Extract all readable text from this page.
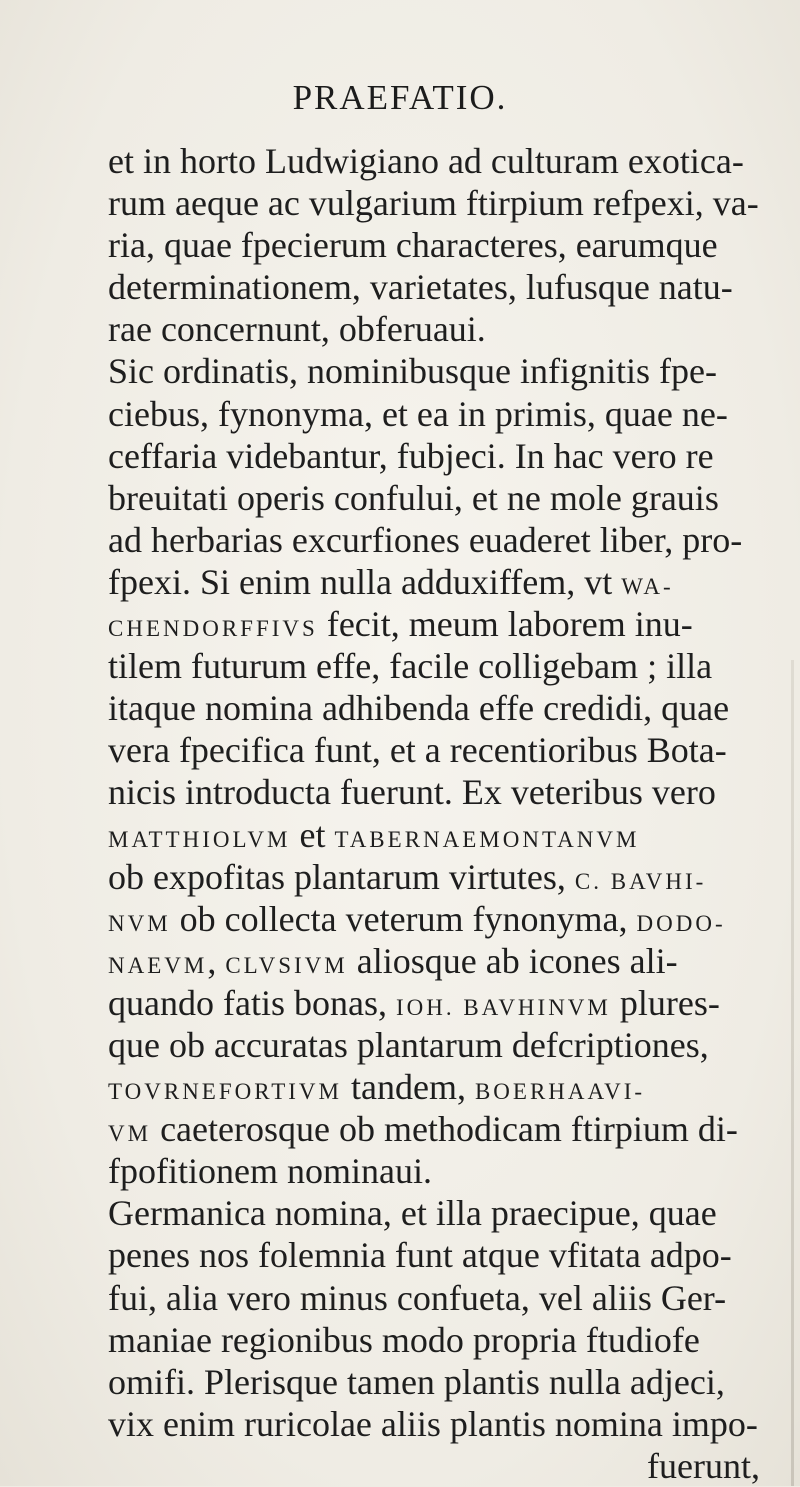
PRAEFATIO.
et in horto Ludwigiano ad culturam exotica-
rum aeque ac vulgarium ftirpium refpexi, va-
ria, quae fpecierum characteres, earumque
determinationem, varietates, lufusque natu-
rae concernunt, obferuaui.
Sic ordinatis, nominibusque infignitis fpe-
ciebus, fynonyma, et ea in primis, quae ne-
ceffaria videbantur, fubjeci. In hac vero re
breuitati operis confului, et ne mole grauis
ad herbarias excurfiones euaderet liber, pro-
fpexi. Si enim nulla adduxiffem, vt WA-
CHENDORFFIVS fecit, meum laborem inu-
tilem futurum effe, facile colligebam ; illa
itaque nomina adhibenda effe credidi, quae
vera fpecifica funt, et a recentioribus Bota-
nicis introducta fuerunt. Ex veteribus vero
MATTHIOLVM et TABERNAEMONTANVM
ob expofitas plantarum virtutes, C. BAVHI-
NVM ob collecta veterum fynonyma, DODO-
NAEVM, CLVSIVM aliosque ab icones ali-
quando fatis bonas, IOH. BAVHINVM plures-
que ob accuratas plantarum defcriptiones,
TOVRNEFORTIVM tandem, BOERHAAVI-
VM caeterosque ob methodicam ftirpium di-
fpofitionem nominaui.
Germanica nomina, et illa praecipue, quae
penes nos folemnia funt atque vfitata adpo-
fui, alia vero minus confueta, vel aliis Ger-
maniae regionibus modo propria ftudiofe
omifi. Plerisque tamen plantis nulla adjeci,
vix enim ruricolae aliis plantis nomina impo-
fuerunt,
